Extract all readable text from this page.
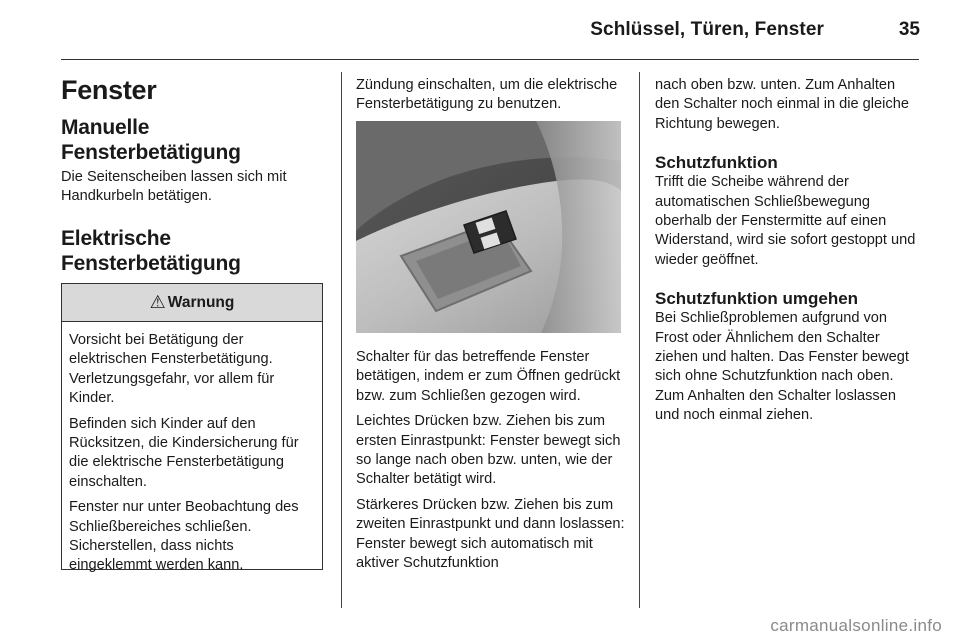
Schlüssel, Türen, Fenster	35
Fenster
Manuelle Fensterbetätigung

Die Seitenscheiben lassen sich mit Handkurbeln betätigen.

Elektrische Fensterbetätigung
⚠ Warnung

Vorsicht bei Betätigung der elektrischen Fensterbetätigung. Verletzungsgefahr, vor allem für Kinder.

Befinden sich Kinder auf den Rücksitzen, die Kindersicherung für die elektrische Fensterbetätigung einschalten.

Fenster nur unter Beobachtung des Schließbereiches schließen. Sicherstellen, dass nichts eingeklemmt werden kann.

Zündung einschalten, um die elektrische Fensterbetätigung zu benutzen.

Schalter für das betreffende Fenster betätigen, indem er zum Öffnen gedrückt bzw. zum Schließen gezogen wird.

Leichtes Drücken bzw. Ziehen bis zum ersten Einrastpunkt: Fenster bewegt sich so lange nach oben bzw. unten, wie der Schalter betätigt wird.

Stärkeres Drücken bzw. Ziehen bis zum zweiten Einrastpunkt und dann loslassen: Fenster bewegt sich automatisch mit aktiver Schutzfunktion

nach oben bzw. unten. Zum Anhalten den Schalter noch einmal in die gleiche Richtung bewegen.

Schutzfunktion

Trifft die Scheibe während der automatischen Schließbewegung oberhalb der Fenstermitte auf einen Widerstand, wird sie sofort gestoppt und wieder geöffnet.

Schutzfunktion umgehen

Bei Schließproblemen aufgrund von Frost oder Ähnlichem den Schalter ziehen und halten. Das Fenster bewegt sich ohne Schutzfunktion nach oben. Zum Anhalten den Schalter loslassen und noch einmal ziehen.

carmanualsonline.info
